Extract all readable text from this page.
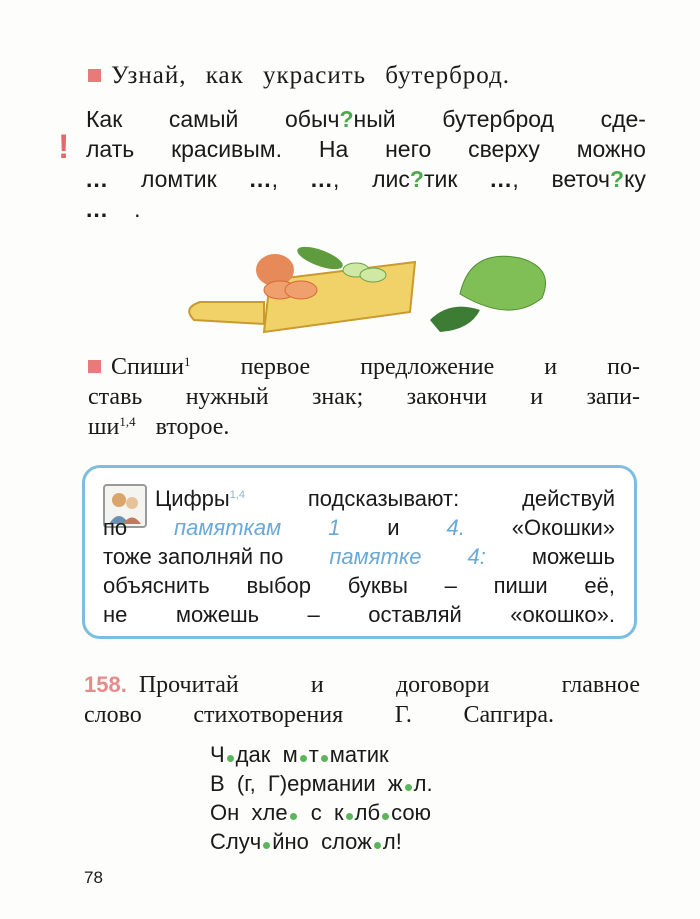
Узнай, как украсить бутерброд.
!
Как самый обыч?ный бутерброд сде-
лать красивым. На него сверху можно
... ломтик ..., ..., лис?тик ..., веточ?ку
... .
Спиши$^1$ первое предложение и по-
ставь нужный знак; закончи и запи-
ши$^{1,4}$ второе.
Цифры$^{1,4}$	подсказывают:	действуй
по памяткам 1 и 4. «Окошки»
тоже заполняй по памятке 4: можешь
объяснить выбор буквы – пиши её,
не можешь – оставляй «окошко».
158. Прочитай	и	договори	главное
слово стихотворения Г. Сапгира.
Ч дак  м т матик
В  (г,  Г)ермании  ж л.
Он  хле  с  к лб сою
Случ йно  слож л!
78
